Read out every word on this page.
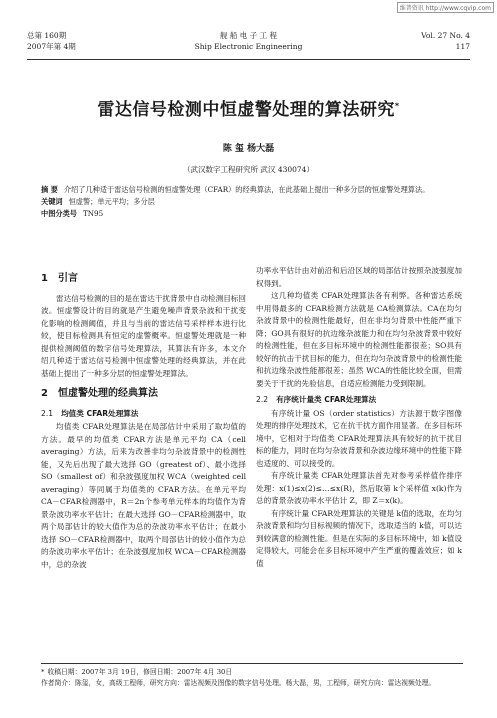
维普资讯 http://www.cqvip.com
总第 160期
2007年第 4期
舰 船 电 子 工 程
Ship Electronic Engineering
Vol. 27 No. 4
117
雷达信号检测中恒虚警处理的算法研究*
陈 玺 杨大磊
（武汉数字工程研究所 武汉 430074）
摘 要 介绍了几种适于雷达信号检测的恒虚警处理（CFAR）的经典算法，在此基础上提出一种多分层的恒虚警处理算法。
关键词 恒虚警；单元平均；多分层
中图分类号 TN95
1 引言

雷达信号检测的目的是在雷达干扰背景中自动检测目标回波。恒虚警设计的目的就是产生避免噪声背景杂波和干扰变化影响的检测阈值，并且与当前的雷达信号采样样本进行比较，使目标检测具有恒定的虚警概率。恒虚警处理就是一种提供检测阈值的数字信号处理算法，其算法有许多，本文介绍几种适于雷达信号检测中恒虚警处理的经典算法，并在此基础上提出了一种多分层的恒虚警处理算法。

2 恒虚警处理的经典算法
2.1 均值类 CFAR处理算法

均值类 CFAR处理算法是在局部估计中采用了取均值的方法。最早的均值类 CFAR方法是单元平均 CA（cell averaging）方法，后来为改善非均匀杂波背景中的检测性能，又先后出现了最大选择 GO（greatest of）、最小选择 SO（smallest of）和杂波强度加权 WCA（weighted cell averaging）等同属于均值类的 CFAR方法。在单元平均 CA－CFAR检测器中，R＝2n个参考单元样本的均值作为背景杂波功率水平估计；在最大选择 GO－CFAR检测器中，取两个局部估计的较大值作为总的杂波功率水平估计；在最小选择 SO－CFAR检测器中，取两个局部估计的较小值作为总的杂波功率水平估计；在杂波强度加权 WCA－CFAR检测器中，总的杂波

功率水平估计由对前沿和后沿区域的局部估计按照杂波强度加权得到。

这几种均值类 CFAR处理算法各有利弊。各种雷达系统中用得最多的 CFAR检测方法就是 CA检测算法。CA在均匀杂波背景中的检测性能最好，但在非均匀背景中性能严重下降；GO具有很好的抗边缘杂波能力和在均匀杂波背景中较好的检测性能，但在多目标环境中的检测性能都很差；SO具有较好的抗击干扰目标的能力，但在均匀杂波背景中的检测性能和抗边缘杂波性能都很差；虽然 WCA的性能比较全面，但需要关于干扰的先验信息，自适应检测能力受到限制。

2.2 有序统计量类 CFAR处理算法

有序统计量 OS（order statistics）方法源于数字图像处理的排序处理技术，它在抗干扰方面作用显著。在多目标环境中，它相对于均值类 CFAR处理算法具有较好的抗干扰目标的能力，同时在均匀杂波背景和杂波边缘环境中的性能下降也适度的、可以接受的。

有序统计量类 CFAR处理算法首先对参考采样值作排序处理：x(1)≤x(2)≤…≤x(R)，然后取第 k个采样值 x(k)作为总的背景杂波功率水平估计 Z，即 Z＝x(k)。

有序统计量 CFAR处理算法的关键是 k值的选取，在均匀杂波背景和均匀目标视频的情况下，选取适当的 k值，可以达到较满意的检测性能。但是在实际的多目标环境中，如 k值设定得较大，可能会在多目标环境中产生严重的覆盖效应；如 k值

* 收稿日期：2007年 3月 19日，修回日期：2007年 4月 30日
作者简介：陈玺，女，高级工程师，研究方向：雷达视频及图像的数字信号处理。杨大磊，男，工程师，研究方向：雷达视频处理。
